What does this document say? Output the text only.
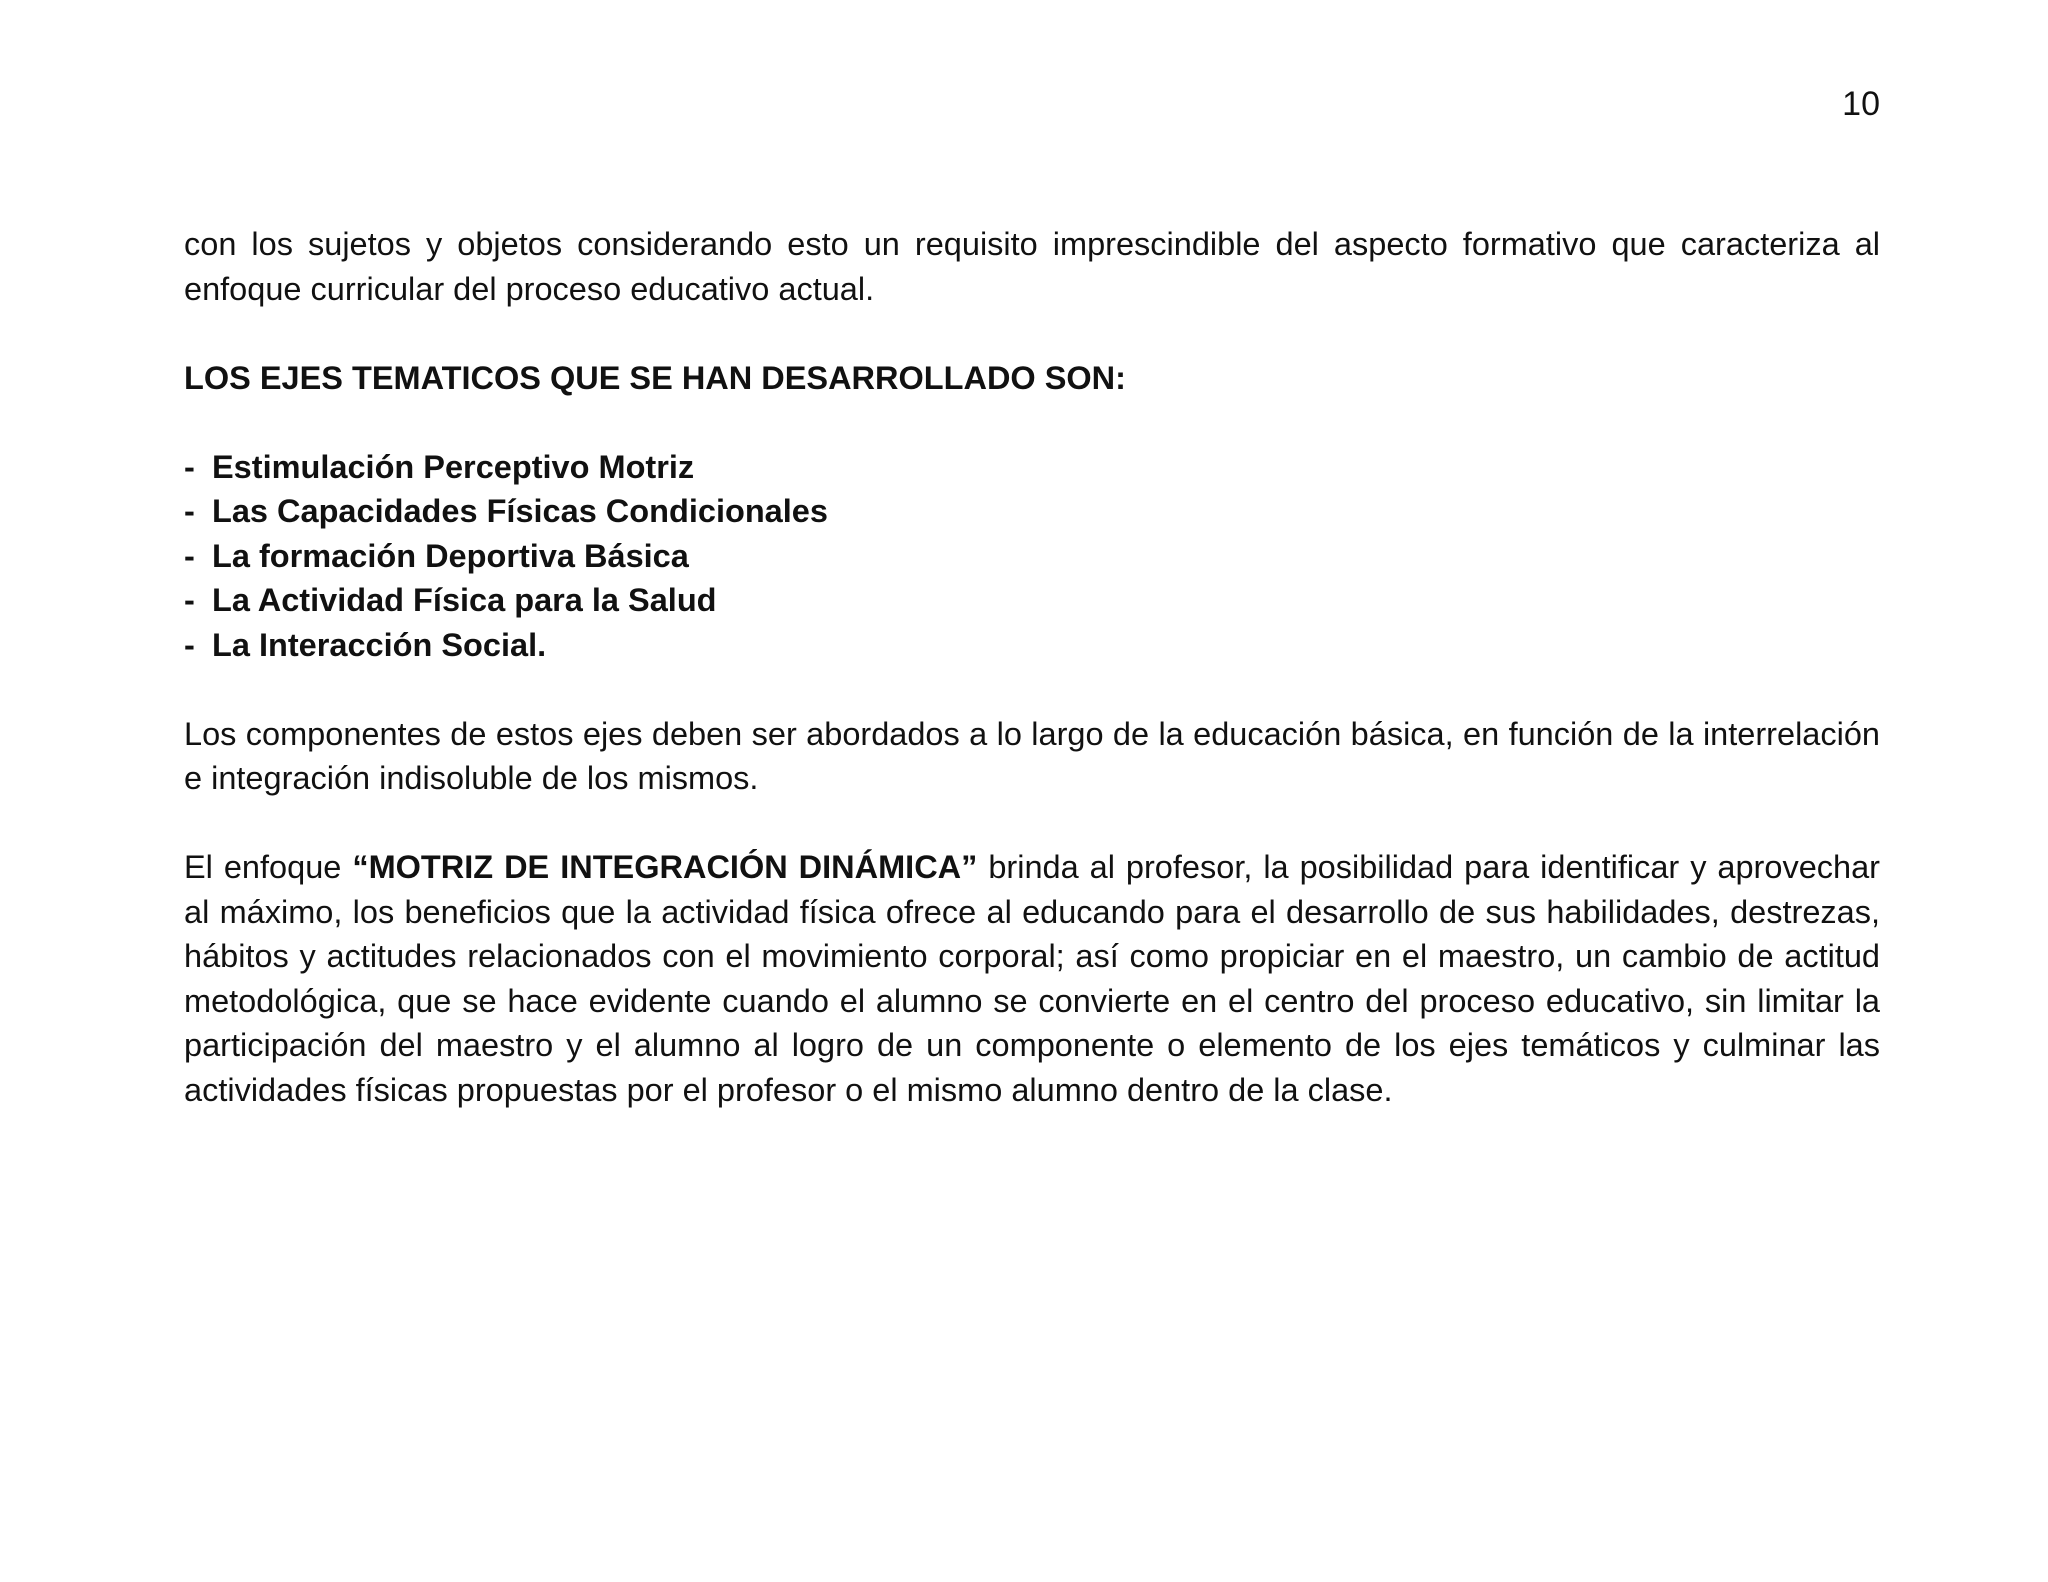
10

con los sujetos y objetos considerando esto un requisito imprescindible del aspecto formativo que caracteriza al enfoque curricular del proceso educativo actual.

LOS EJES TEMATICOS QUE SE HAN DESARROLLADO SON:

- Estimulación Perceptivo Motriz
- Las Capacidades Físicas Condicionales
- La formación Deportiva Básica
- La Actividad Física para la Salud
- La Interacción Social.

Los componentes de estos ejes deben ser abordados a lo largo de la educación básica, en función de la interrelación e integración indisoluble de los mismos.

El enfoque “MOTRIZ DE INTEGRACIÓN DINÁMICA” brinda al profesor, la posibilidad para identificar y aprovechar al máximo, los beneficios que la actividad física ofrece al educando para el desarrollo de sus habilidades, destrezas, hábitos y actitudes relacionados con el movimiento corporal; así como propiciar en el maestro, un cambio de actitud metodológica, que se hace evidente cuando el alumno se convierte en el centro del proceso educativo, sin limitar la participación del maestro y el alumno al logro de un componente o elemento de los ejes temáticos y culminar las actividades físicas propuestas por el profesor o el mismo alumno dentro de la clase.
